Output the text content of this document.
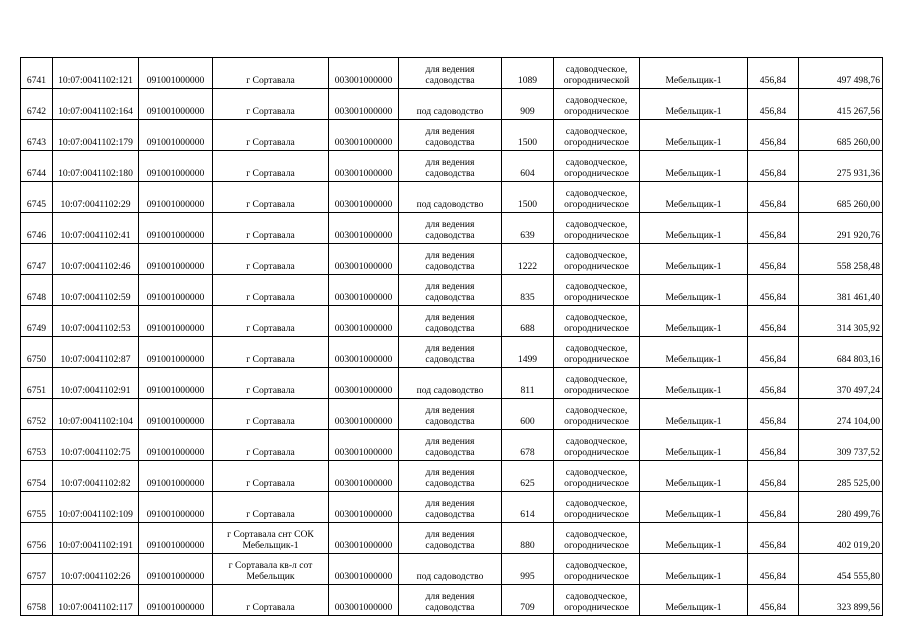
6741	10:07:0041102:121	091001000000	г Сортавала	003001000000	для ведения садоводства	1089	садоводческое, огороднической	Мебельщик-1	456,84	497 498,76
6742	10:07:0041102:164	091001000000	г Сортавала	003001000000	под садоводство	909	садоводческое, огородническое	Мебельщик-1	456,84	415 267,56
6743	10:07:0041102:179	091001000000	г Сортавала	003001000000	для ведения садоводства	1500	садоводческое, огородническое	Мебельщик-1	456,84	685 260,00
6744	10:07:0041102:180	091001000000	г Сортавала	003001000000	для ведения садоводства	604	садоводческое, огородническое	Мебельщик-1	456,84	275 931,36
6745	10:07:0041102:29	091001000000	г Сортавала	003001000000	под садоводство	1500	садоводческое, огородническое	Мебельщик-1	456,84	685 260,00
6746	10:07:0041102:41	091001000000	г Сортавала	003001000000	для ведения садоводства	639	садоводческое, огородническое	Мебельщик-1	456,84	291 920,76
6747	10:07:0041102:46	091001000000	г Сортавала	003001000000	для ведения садоводства	1222	садоводческое, огородническое	Мебельщик-1	456,84	558 258,48
6748	10:07:0041102:59	091001000000	г Сортавала	003001000000	для ведения садоводства	835	садоводческое, огородническое	Мебельщик-1	456,84	381 461,40
6749	10:07:0041102:53	091001000000	г Сортавала	003001000000	для ведения садоводства	688	садоводческое, огородническое	Мебельщик-1	456,84	314 305,92
6750	10:07:0041102:87	091001000000	г Сортавала	003001000000	для ведения садоводства	1499	садоводческое, огородническое	Мебельщик-1	456,84	684 803,16
6751	10:07:0041102:91	091001000000	г Сортавала	003001000000	под садоводство	811	садоводческое, огородническое	Мебельщик-1	456,84	370 497,24
6752	10:07:0041102:104	091001000000	г Сортавала	003001000000	для ведения садоводства	600	садоводческое, огородническое	Мебельщик-1	456,84	274 104,00
6753	10:07:0041102:75	091001000000	г Сортавала	003001000000	для ведения садоводства	678	садоводческое, огородническое	Мебельщик-1	456,84	309 737,52
6754	10:07:0041102:82	091001000000	г Сортавала	003001000000	для ведения садоводства	625	садоводческое, огородническое	Мебельщик-1	456,84	285 525,00
6755	10:07:0041102:109	091001000000	г Сортавала	003001000000	для ведения садоводства	614	садоводческое, огородническое	Мебельщик-1	456,84	280 499,76
6756	10:07:0041102:191	091001000000	г Сортавала снт СОК Мебельщик-1	003001000000	для ведения садоводства	880	садоводческое, огородническое	Мебельщик-1	456,84	402 019,20
6757	10:07:0041102:26	091001000000	г Сортавала кв-л сот Мебельщик	003001000000	под садоводство	995	садоводческое, огородническое	Мебельщик-1	456,84	454 555,80
6758	10:07:0041102:117	091001000000	г Сортавала	003001000000	для ведения садоводства	709	садоводческое, огородническое	Мебельщик-1	456,84	323 899,56
